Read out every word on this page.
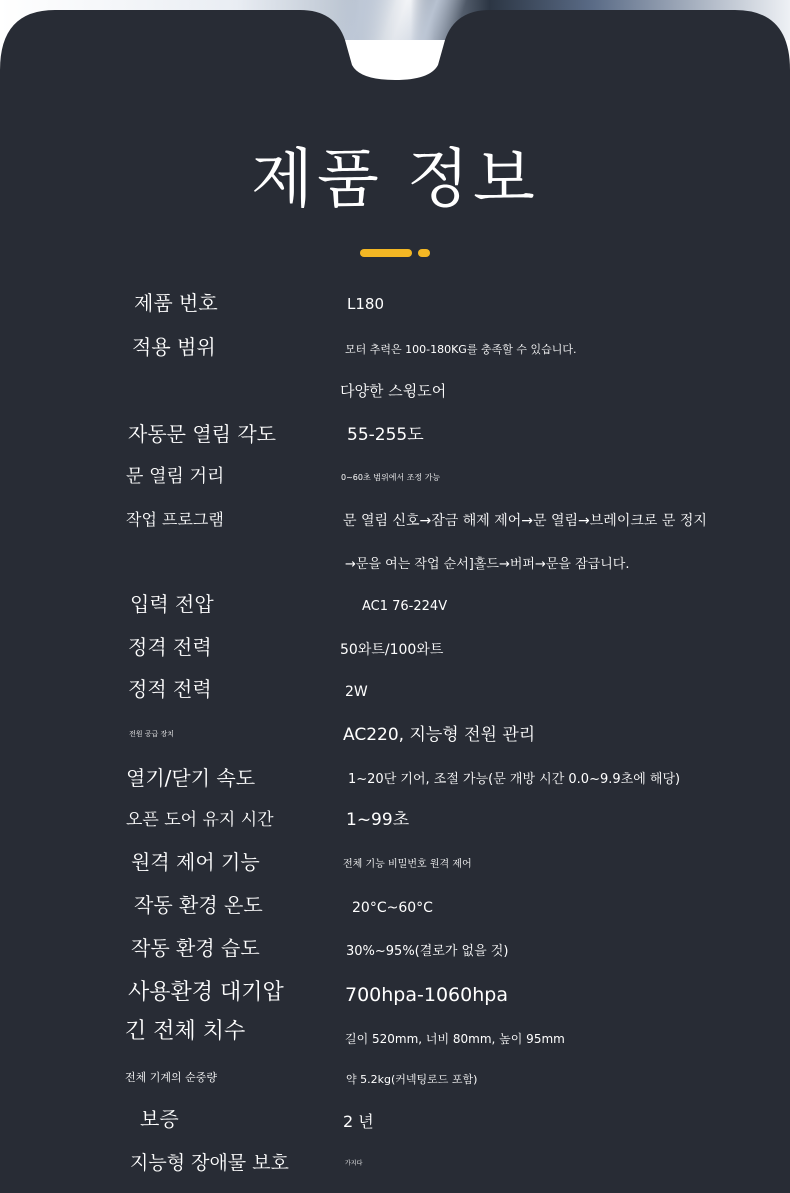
제품 정보
제품 번호	L180
적용 범위	모터 추력은 100-180KG를 충족할 수 있습니다.
다양한 스윙도어
자동문 열림 각도	55-255도
문 열림 거리	0~60초 범위에서 조정 가능
작업 프로그램	문 열림 신호→잠금 해제 제어→문 열림→브레이크로 문 정지
→문을 여는 작업 순서]홀드→버퍼→문을 잠급니다.
입력 전압	AC1 76-224V
정격 전력	50와트/100와트
정적 전력	2W
전원 공급 장치	AC220, 지능형 전원 관리
열기/닫기 속도	1~20단 기어, 조절 가능(문 개방 시간 0.0~9.9초에 해당)
오픈 도어 유지 시간	1~99초
원격 제어 기능	전체 기능 비밀번호 원격 제어
작동 환경 온도	20°C~60°C
작동 환경 습도	30%~95%(결로가 없을 것)
사용환경 대기압	700hpa-1060hpa
긴 전체 치수	길이 520mm, 너비 80mm, 높이 95mm
전체 기계의 순중량	약 5.2kg(커넥팅로드 포함)
보증	2 년
지능형 장애물 보호	가지다
